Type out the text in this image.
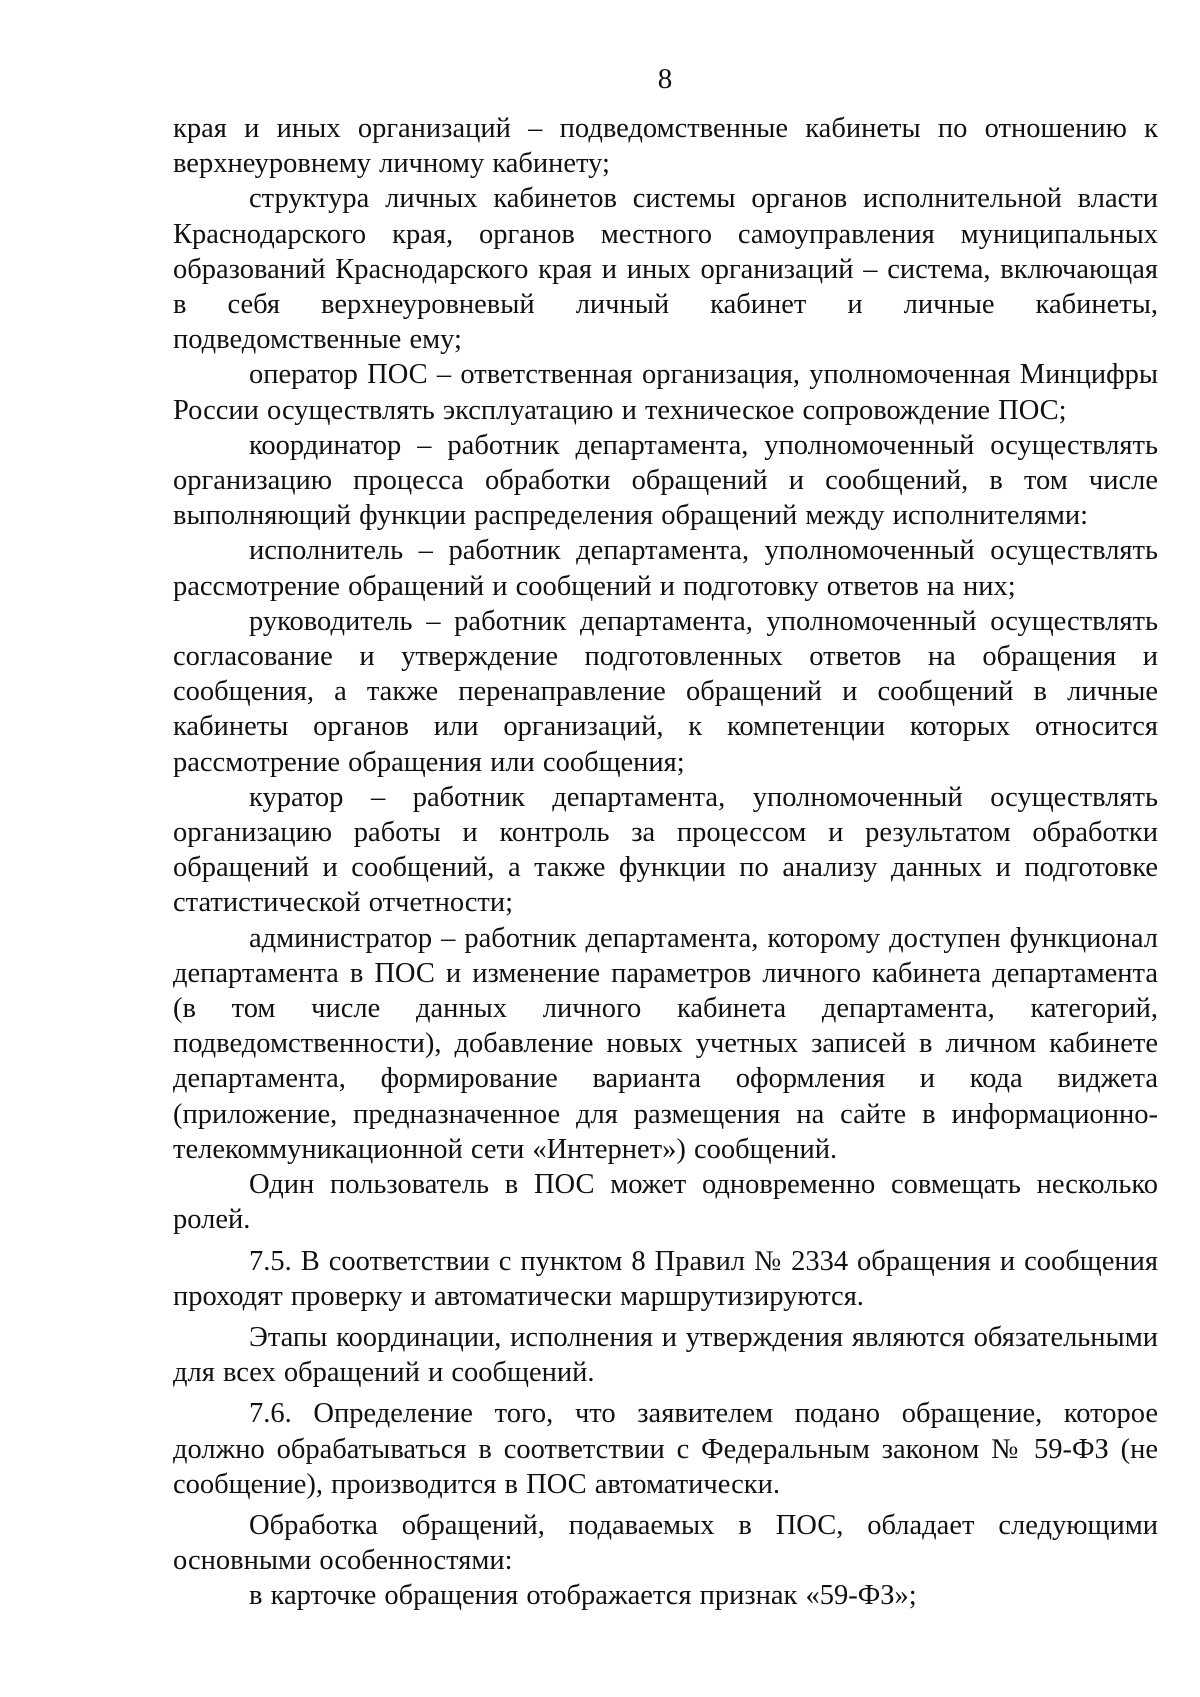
8

края и иных организаций – подведомственные кабинеты по отношению к верхнеуровнему личному кабинету;

структура личных кабинетов системы органов исполнительной власти Краснодарского края, органов местного самоуправления муниципальных образований Краснодарского края и иных организаций – система, включающая в себя верхнеуровневый личный кабинет и личные кабинеты, подведомственные ему;

оператор ПОС – ответственная организация, уполномоченная Минцифры России осуществлять эксплуатацию и техническое сопровождение ПОС;

координатор – работник департамента, уполномоченный осуществлять организацию процесса обработки обращений и сообщений, в том числе выполняющий функции распределения обращений между исполнителями:

исполнитель – работник департамента, уполномоченный осуществлять рассмотрение обращений и сообщений и подготовку ответов на них;

руководитель – работник департамента, уполномоченный осуществлять согласование и утверждение подготовленных ответов на обращения и сообщения, а также перенаправление обращений и сообщений в личные кабинеты органов или организаций, к компетенции которых относится рассмотрение обращения или сообщения;

куратор – работник департамента, уполномоченный осуществлять организацию работы и контроль за процессом и результатом обработки обращений и сообщений, а также функции по анализу данных и подготовке статистической отчетности;

администратор – работник департамента, которому доступен функционал департамента в ПОС и изменение параметров личного кабинета департамента (в том числе данных личного кабинета департамента, категорий, подведомственности), добавление новых учетных записей в личном кабинете департамента, формирование варианта оформления и кода виджета (приложение, предназначенное для размещения на сайте в информационно-телекоммуникационной сети «Интернет») сообщений.

Один пользователь в ПОС может одновременно совмещать несколько ролей.

7.5. В соответствии с пунктом 8 Правил № 2334 обращения и сообщения проходят проверку и автоматически маршрутизируются.

Этапы координации, исполнения и утверждения являются обязательными для всех обращений и сообщений.

7.6. Определение того, что заявителем подано обращение, которое должно обрабатываться в соответствии с Федеральным законом № 59-ФЗ (не сообщение), производится в ПОС автоматически.

Обработка обращений, подаваемых в ПОС, обладает следующими основными особенностями:

в карточке обращения отображается признак «59-ФЗ»;
